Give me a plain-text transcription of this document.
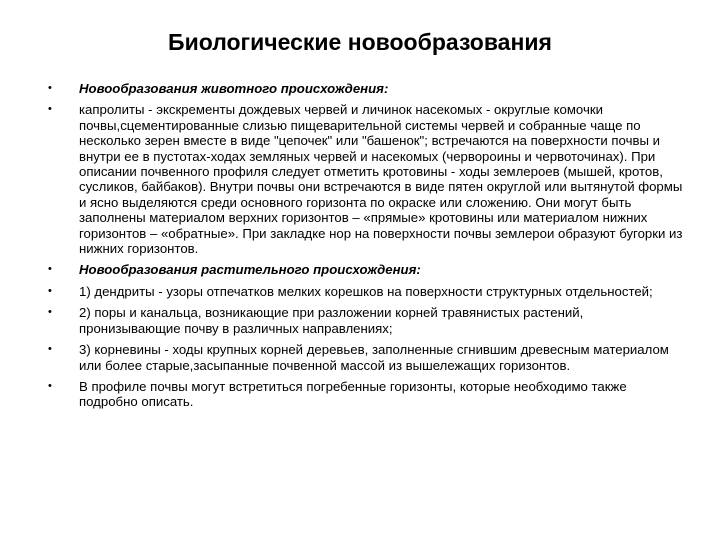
Биологические новообразования
•	Новообразования животного происхождения:
•	капролиты - экскременты дождевых червей и личинок насекомых - округлые комочки почвы,сцементированные слизью пищеварительной системы червей и собранные чаще по несколько зерен вместе в виде "цепочек" или "башенок"; встречаются на поверхности почвы и внутри ее в пустотах-ходах земляных червей и насекомых (червороины и червоточинах). При описании почвенного профиля следует отметить кротовины - ходы землероев (мышей, кротов, сусликов, байбаков). Внутри почвы они встречаются в виде пятен округлой или вытянутой формы и ясно выделяются среди основного горизонта по окраске или сложению. Они могут быть заполнены материалом верхних горизонтов – «прямые» кротовины или материалом нижних горизонтов – «обратные». При закладке нор на поверхности почвы землерои образуют бугорки из нижних горизонтов.
•	Новообразования растительного происхождения:
•	1) дендриты - узоры отпечатков мелких корешков на поверхности структурных отдельностей;
•	2) поры и канальца, возникающие при разложении корней травянистых растений, пронизывающие почву в различных направлениях;
•	3) корневины - ходы крупных корней деревьев, заполненные сгнившим древесным материалом или более старые,засыпанные почвенной массой из вышележащих горизонтов.
•	В профиле почвы могут встретиться погребенные горизонты, которые необходимо также подробно описать.
